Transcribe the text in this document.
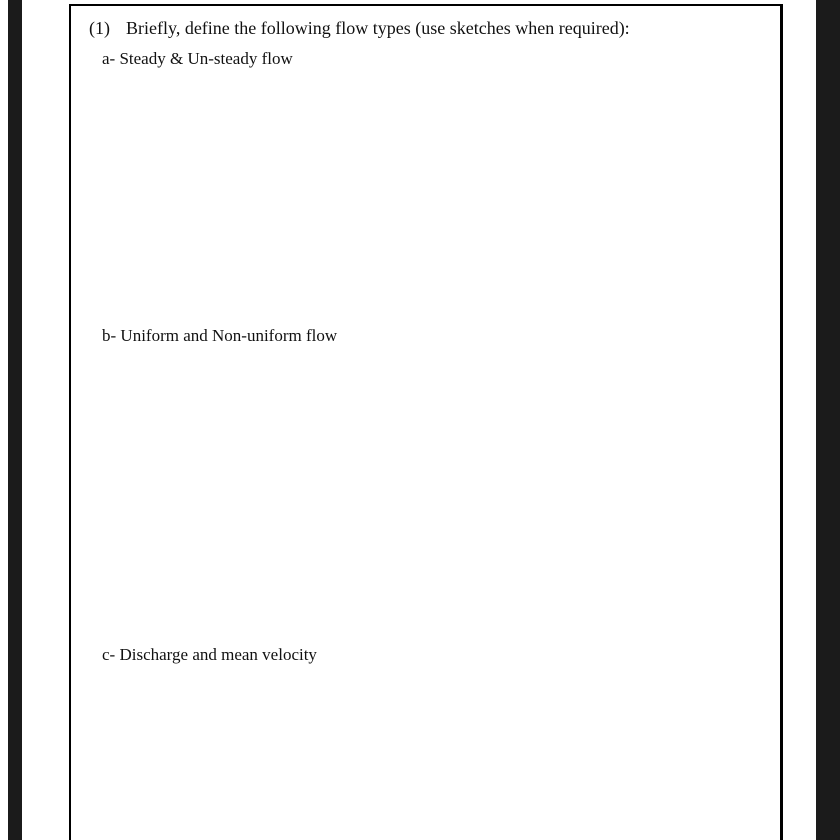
(1) Briefly, define the following flow types (use sketches when required):
a- Steady & Un-steady flow
b- Uniform and Non-uniform flow
c- Discharge and mean velocity
